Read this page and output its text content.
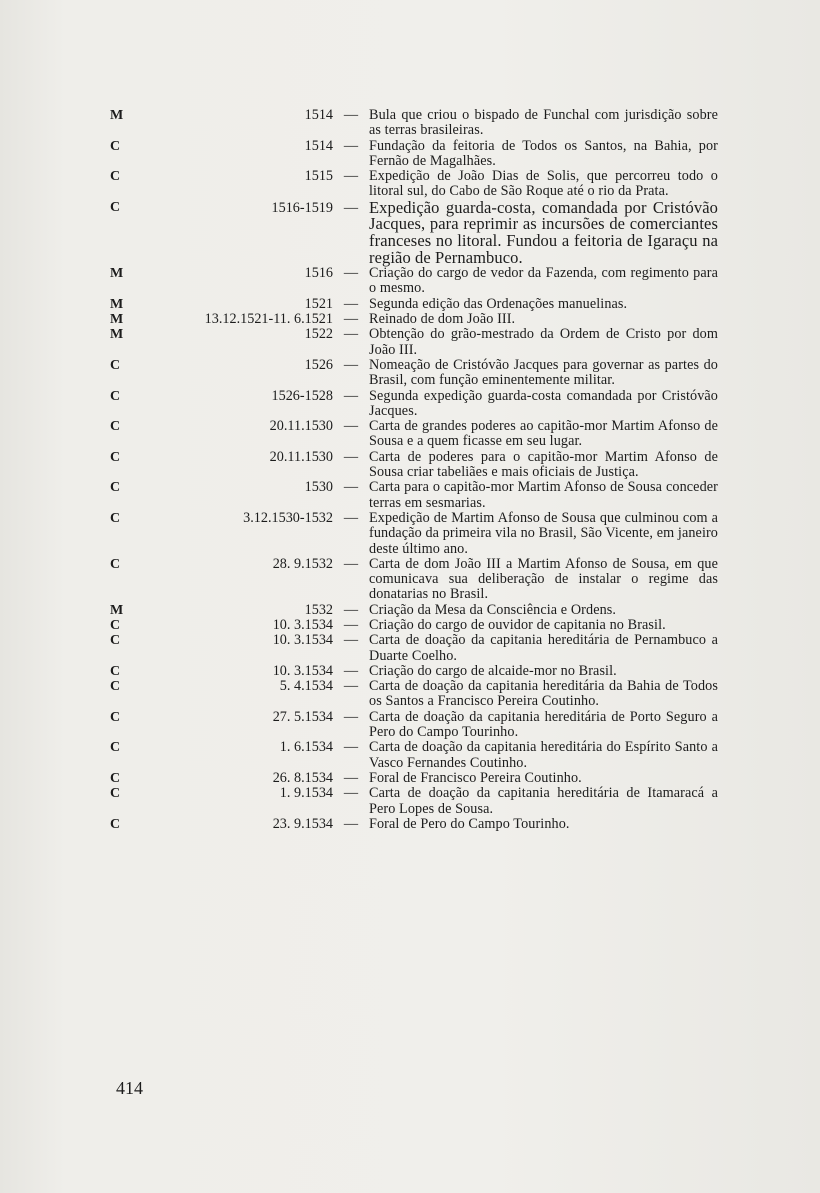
M	1514 — Bula que criou o bispado de Funchal com jurisdição sobre as terras brasileiras.
C	1514 — Fundação da feitoria de Todos os Santos, na Bahia, por Fernão de Magalhães.
C	1515 — Expedição de João Dias de Solis, que percorreu todo o litoral sul, do Cabo de São Roque até o rio da Prata.
C	1516-1519 — Expedição guarda-costa, comandada por Cristóvão Jacques, para reprimir as incursões de comerciantes franceses no litoral. Fundou a feitoria de Igaraçu na região de Pernambuco.
M	1516 — Criação do cargo de vedor da Fazenda, com regimento para o mesmo.
M	1521 — Segunda edição das Ordenações manuelinas.
M	13.12.1521-11. 6.1521 — Reinado de dom João III.
M	1522 — Obtenção do grão-mestrado da Ordem de Cristo por dom João III.
C	1526 — Nomeação de Cristóvão Jacques para governar as partes do Brasil, com função eminentemente militar.
C	1526-1528 — Segunda expedição guarda-costa comandada por Cristóvão Jacques.
C	20.11.1530 — Carta de grandes poderes ao capitão-mor Martim Afonso de Sousa e a quem ficasse em seu lugar.
C	20.11.1530 — Carta de poderes para o capitão-mor Martim Afonso de Sousa criar tabeliães e mais oficiais de Justiça.
C	1530 — Carta para o capitão-mor Martim Afonso de Sousa conceder terras em sesmarias.
C	3.12.1530-1532 — Expedição de Martim Afonso de Sousa que culminou com a fundação da primeira vila no Brasil, São Vicente, em janeiro deste último ano.
C	28. 9.1532 — Carta de dom João III a Martim Afonso de Sousa, em que comunicava sua deliberação de instalar o regime das donatarias no Brasil.
M	1532 — Criação da Mesa da Consciência e Ordens.
C	10. 3.1534 — Criação do cargo de ouvidor de capitania no Brasil.
C	10. 3.1534 — Carta de doação da capitania hereditária de Pernambuco a Duarte Coelho.
C	10. 3.1534 — Criação do cargo de alcaide-mor no Brasil.
C	5. 4.1534 — Carta de doação da capitania hereditária da Bahia de Todos os Santos a Francisco Pereira Coutinho.
C	27. 5.1534 — Carta de doação da capitania hereditária de Porto Seguro a Pero do Campo Tourinho.
C	1. 6.1534 — Carta de doação da capitania hereditária do Espírito Santo a Vasco Fernandes Coutinho.
C	26. 8.1534 — Foral de Francisco Pereira Coutinho.
C	1. 9.1534 — Carta de doação da capitania hereditária de Itamaracá a Pero Lopes de Sousa.
C	23. 9.1534 — Foral de Pero do Campo Tourinho.
414
